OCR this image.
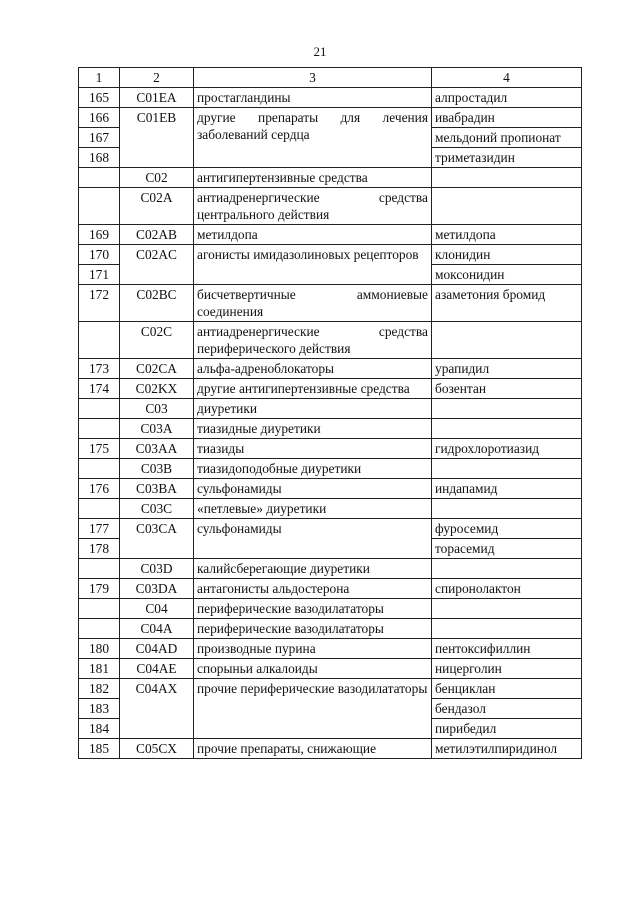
21
1	2	3	4
165	C01EA	простагландины	алпростадил
166	C01EB	другие препараты для лечения заболеваний сердца	ивабрадин
167			мельдоний пропионат
168			триметазидин
	C02	антигипертензивные средства	
	C02A	антиадренергические средства центрального действия	
169	C02AB	метилдопа	метилдопа
170	C02AC	агонисты имидазолиновых рецепторов	клонидин
171			моксонидин
172	C02BC	бисчетвертичные аммониевые соединения	азаметония бромид
	C02C	антиадренергические средства периферического действия	
173	C02CA	альфа-адреноблокаторы	урапидил
174	C02KX	другие антигипертензивные средства	бозентан
	C03	диуретики	
	C03A	тиазидные диуретики	
175	C03AA	тиазиды	гидрохлоротиазид
	C03B	тиазидоподобные диуретики	
176	C03BA	сульфонамиды	индапамид
	C03C	«петлевые» диуретики	
177	C03CA	сульфонамиды	фуросемид
178			торасемид
	C03D	калийсберегающие диуретики	
179	C03DA	антагонисты альдостерона	спиронолактон
	C04	периферические вазодилататоры	
	C04A	периферические вазодилататоры	
180	C04AD	производные пурина	пентоксифиллин
181	C04AE	спорыньи алкалоиды	ницерголин
182	C04AX	прочие периферические вазодилататоры	бенциклан
183			бендазол
184			пирибедил
185	C05CX	прочие препараты, снижающие	метилэтилпиридинол
